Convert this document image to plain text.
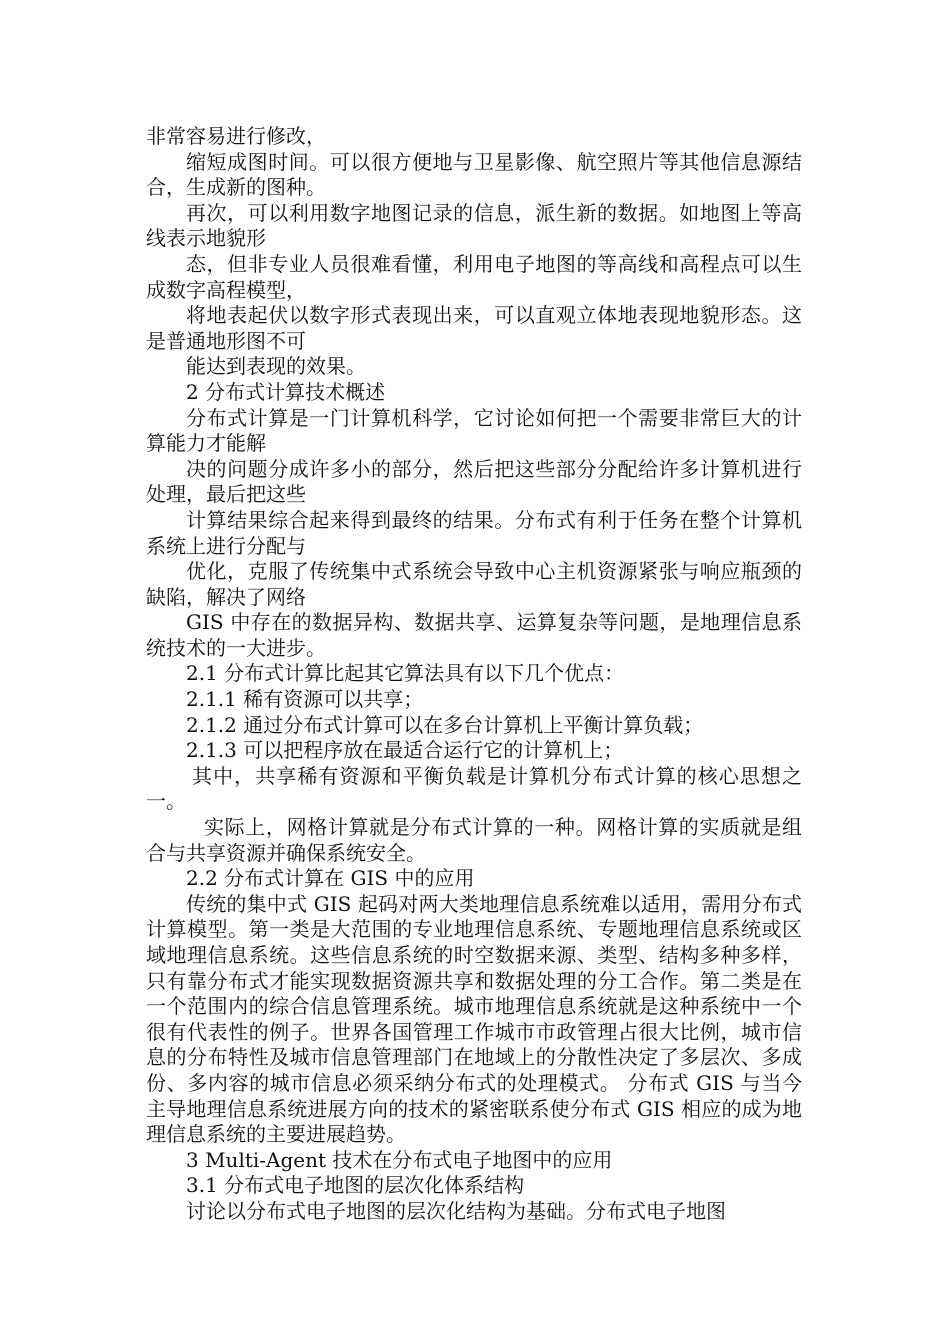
非常容易进行修改，

缩短成图时间。可以很方便地与卫星影像、航空照片等其他信息源结合，生成新的图种。

再次，可以利用数字地图记录的信息，派生新的数据。如地图上等高线表示地貌形

态，但非专业人员很难看懂，利用电子地图的等高线和高程点可以生成数字高程模型，

将地表起伏以数字形式表现出来，可以直观立体地表现地貌形态。这是普通地形图不可

能达到表现的效果。

2 分布式计算技术概述

分布式计算是一门计算机科学，它讨论如何把一个需要非常巨大的计算能力才能解

决的问题分成许多小的部分，然后把这些部分分配给许多计算机进行处理，最后把这些

计算结果综合起来得到最终的结果。分布式有利于任务在整个计算机系统上进行分配与

优化，克服了传统集中式系统会导致中心主机资源紧张与响应瓶颈的缺陷，解决了网络

GIS 中存在的数据异构、数据共享、运算复杂等问题，是地理信息系统技术的一大进步。

2.1 分布式计算比起其它算法具有以下几个优点：

2.1.1 稀有资源可以共享；

2.1.2 通过分布式计算可以在多台计算机上平衡计算负载；

2.1.3 可以把程序放在最适合运行它的计算机上；

其中，共享稀有资源和平衡负载是计算机分布式计算的核心思想之一。

实际上，网格计算就是分布式计算的一种。网格计算的实质就是组合与共享资源并确保系统安全。

2.2 分布式计算在 GIS 中的应用

传统的集中式 GIS 起码对两大类地理信息系统难以适用，需用分布式计算模型。第一类是大范围的专业地理信息系统、专题地理信息系统或区域地理信息系统。这些信息系统的时空数据来源、类型、结构多种多样，只有靠分布式才能实现数据资源共享和数据处理的分工合作。第二类是在一个范围内的综合信息管理系统。城市地理信息系统就是这种系统中一个很有代表性的例子。世界各国管理工作城市市政管理占很大比例，城市信息的分布特性及城市信息管理部门在地域上的分散性决定了多层次、多成份、多内容的城市信息必须采纳分布式的处理模式。 分布式 GIS 与当今主导地理信息系统进展方向的技术的紧密联系使分布式 GIS 相应的成为地理信息系统的主要进展趋势。

3 Multi-Agent 技术在分布式电子地图中的应用

3.1 分布式电子地图的层次化体系结构

讨论以分布式电子地图的层次化结构为基础。分布式电子地图
